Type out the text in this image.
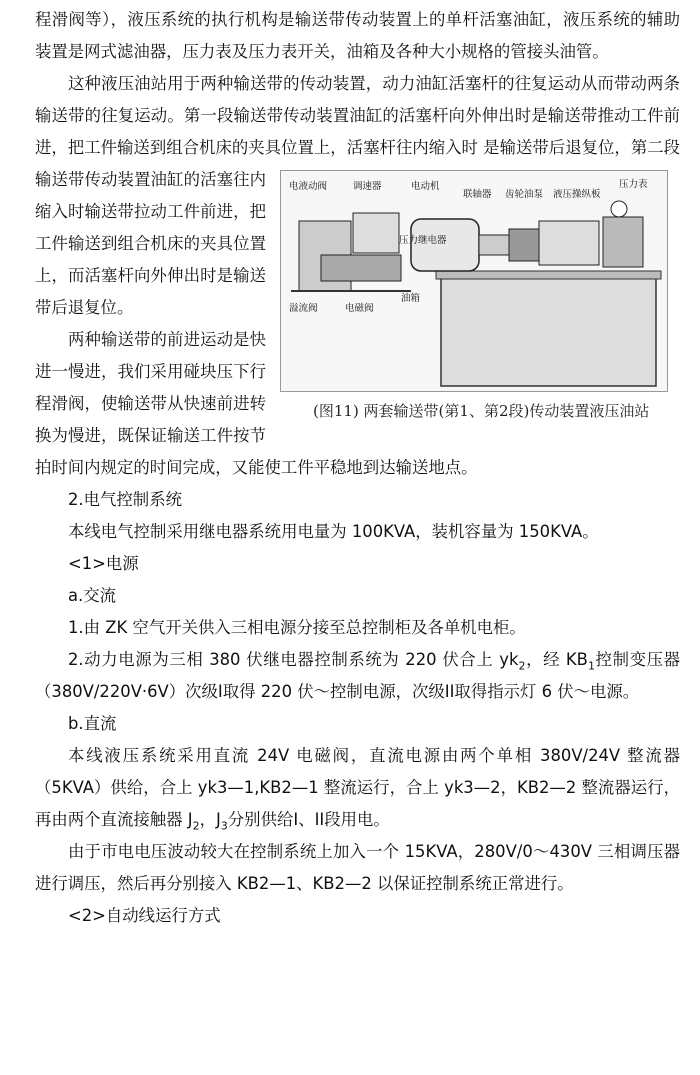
程滑阀等），液压系统的执行机构是输送带传动装置上的单杆活塞油缸，液压系统的辅助装置是网式滤油器，压力表及压力表开关，油箱及各种大小规格的管接头油管。

这种液压油站用于两种输送带的传动装置，动力油缸活塞杆的往复运动从而带动两条输送带的往复运动。第一段输送带传动装置油缸的活塞杆向外伸出时是输送带推动工件前进，把工件输送到组合机床的夹具位置上，活塞杆往内缩入时
电液动阀	调速器	电动机
联轴器 齿轮油泵 液压操纵板
压力表
压力继电器
溢流阀	电磁阀
油箱
(图11) 两套输送带(第1、第2段)传动装置液压油站
是输送带后退复位，第二段输送带传动装置油缸的活塞往内缩入时输送带拉动工件前进，把工件输送到组合机床的夹具位置上，而活塞杆向外伸出时是输送带后退复位。

两种输送带的前进运动是快进一慢进，我们采用碰块压下行程滑阀，使输送带从快速前进转换为慢进，既保证输送工件按节拍时间内规定的时间完成，又能使工件平稳地到达输送地点。

2.电气控制系统

本线电气控制采用继电器系统用电量为 100KVA，装机容量为 150KVA。

<1>电源

a.交流

1.由 ZK 空气开关供入三相电源分接至总控制柜及各单机电柜。

2.动力电源为三相 380 伏继电器控制系统为 220 伏合上 $yk_2$，经 $KB_1$控制变压器（380V/220V·6V）次级I取得 220 伏～控制电源，次级II取得指示灯 6 伏～电源。

b.直流

本线液压系统采用直流 24V 电磁阀，直流电源由两个单相 380V/24V 整流器（5KVA）供给，合上 yk3—1,KB2—1 整流运行，合上 yk3—2，KB2—2 整流器运行，再由两个直流接触器 $J_2$，$J_3$分别供给I、II段用电。

由于市电电压波动较大在控制系统上加入一个 15KVA，280V/0～430V 三相调压器进行调压，然后再分别接入 KB2—1、KB2—2 以保证控制系统正常进行。

<2>自动线运行方式
